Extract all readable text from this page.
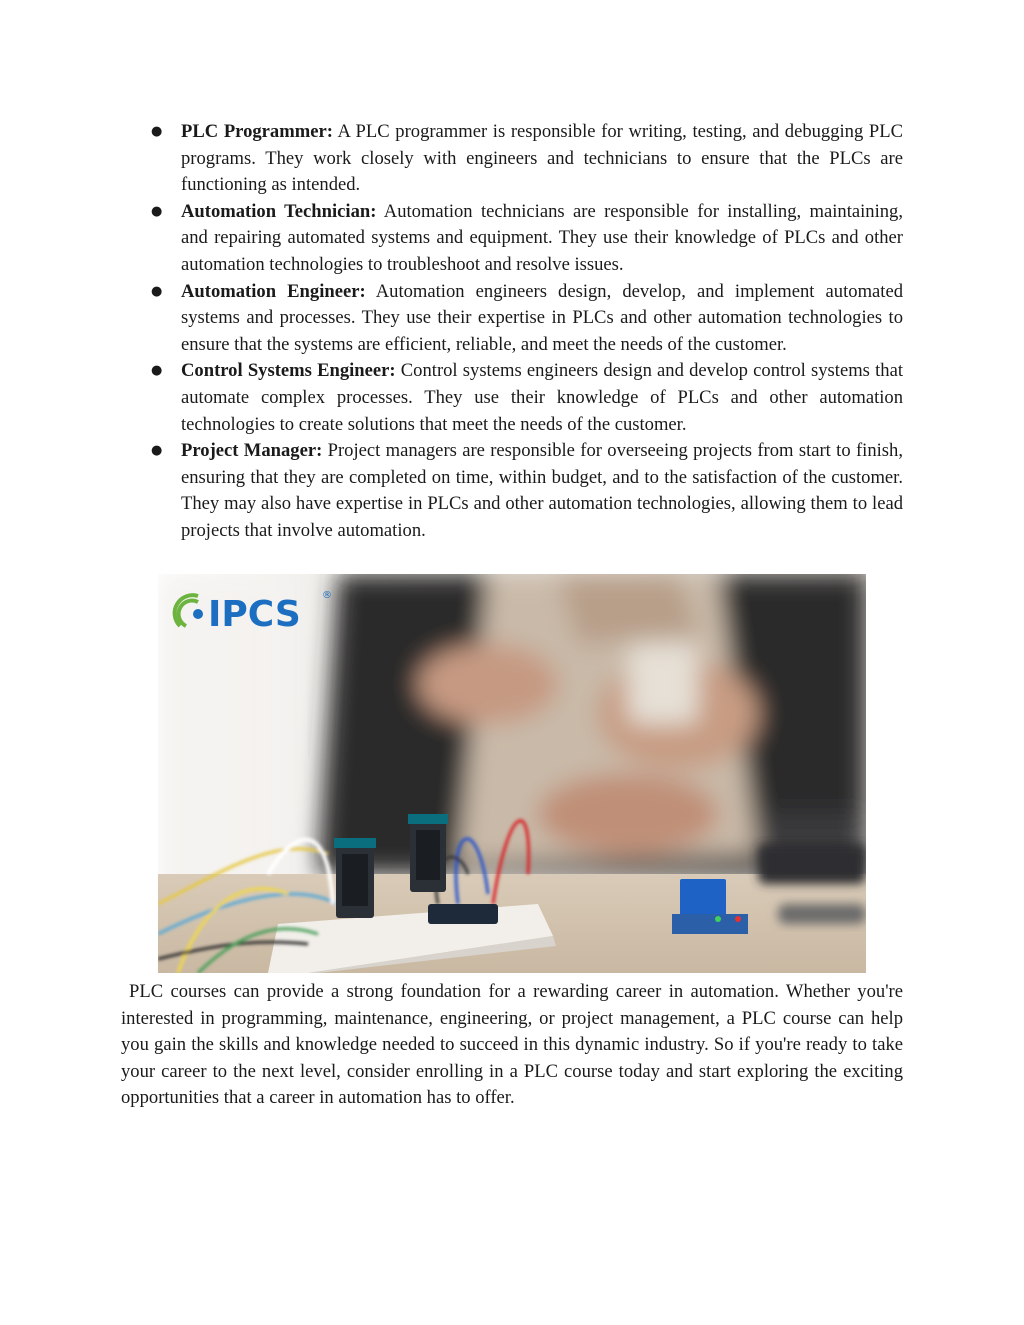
● PLC Programmer: A PLC programmer is responsible for writing, testing, and debugging PLC programs. They work closely with engineers and technicians to ensure that the PLCs are functioning as intended.
● Automation Technician: Automation technicians are responsible for installing, maintaining, and repairing automated systems and equipment. They use their knowledge of PLCs and other automation technologies to troubleshoot and resolve issues.
● Automation Engineer: Automation engineers design, develop, and implement automated systems and processes. They use their expertise in PLCs and other automation technologies to ensure that the systems are efficient, reliable, and meet the needs of the customer.
● Control Systems Engineer: Control systems engineers design and develop control systems that automate complex processes. They use their knowledge of PLCs and other automation technologies to create solutions that meet the needs of the customer.
● Project Manager: Project managers are responsible for overseeing projects from start to finish, ensuring that they are completed on time, within budget, and to the satisfaction of the customer. They may also have expertise in PLCs and other automation technologies, allowing them to lead projects that involve automation.
IPCS ®

PLC courses can provide a strong foundation for a rewarding career in automation. Whether you're interested in programming, maintenance, engineering, or project management, a PLC course can help you gain the skills and knowledge needed to succeed in this dynamic industry. So if you're ready to take your career to the next level, consider enrolling in a PLC course today and start exploring the exciting opportunities that a career in automation has to offer.
